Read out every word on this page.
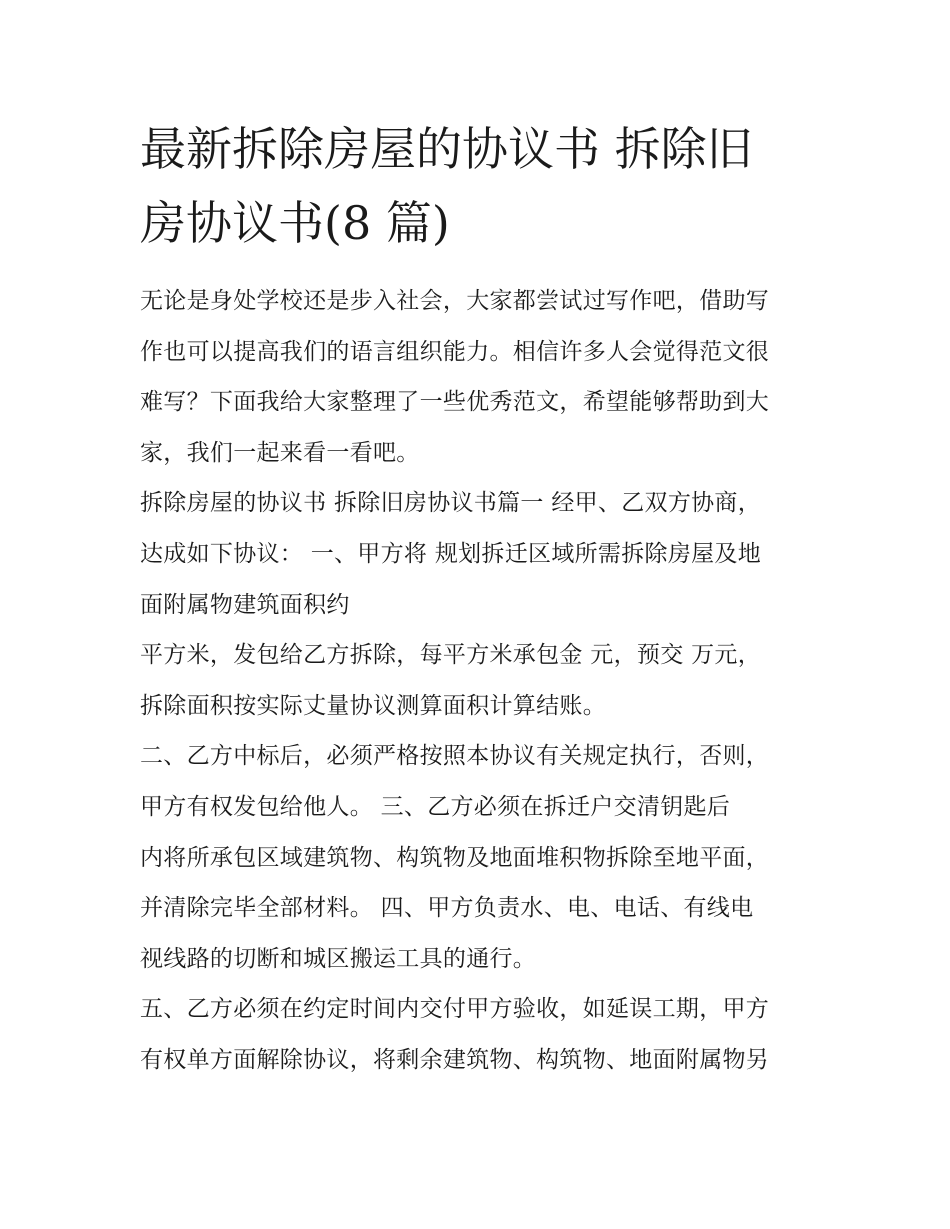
最新拆除房屋的协议书 拆除旧
房协议书(8 篇)
无论是身处学校还是步入社会，大家都尝试过写作吧，借助写
作也可以提高我们的语言组织能力。相信许多人会觉得范文很
难写？下面我给大家整理了一些优秀范文，希望能够帮助到大
家，我们一起来看一看吧。
拆除房屋的协议书 拆除旧房协议书篇一 经甲、乙双方协商，
达成如下协议： 一、甲方将 规划拆迁区域所需拆除房屋及地
面附属物建筑面积约
平方米，发包给乙方拆除，每平方米承包金 元，预交 万元，
拆除面积按实际丈量协议测算面积计算结账。
二、乙方中标后，必须严格按照本协议有关规定执行，否则，
甲方有权发包给他人。 三、乙方必须在拆迁户交清钥匙后
内将所承包区域建筑物、构筑物及地面堆积物拆除至地平面，
并清除完毕全部材料。 四、甲方负责水、电、电话、有线电
视线路的切断和城区搬运工具的通行。
五、乙方必须在约定时间内交付甲方验收，如延误工期，甲方
有权单方面解除协议，将剩余建筑物、构筑物、地面附属物另
